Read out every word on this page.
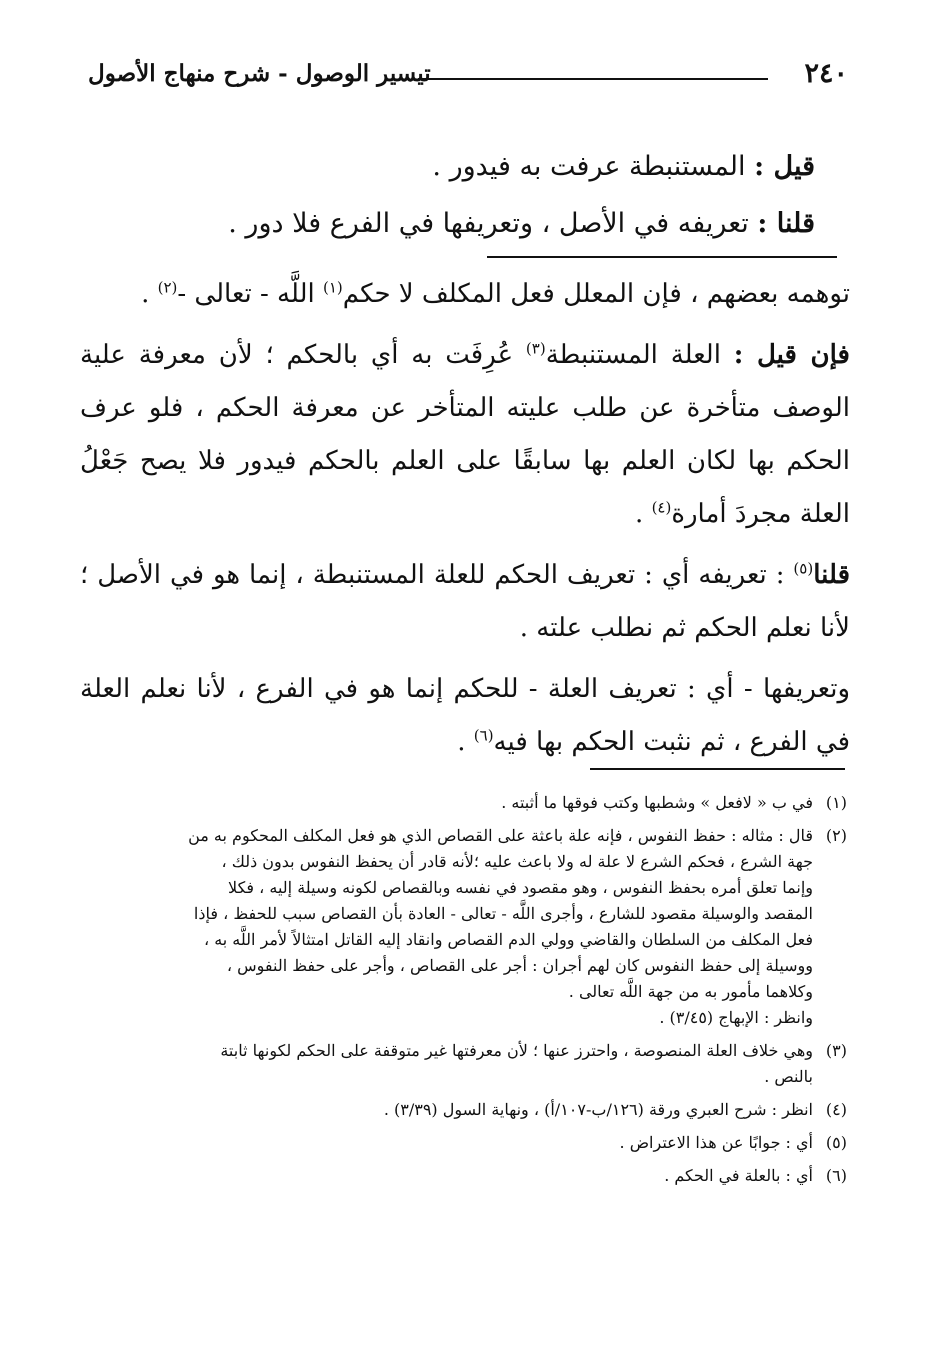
٢٤٠
تيسير الوصول - شرح منهاج الأصول
قيل : المستنبطة عرفت به فيدور .
قلنا : تعريفه في الأصل ، وتعريفها في الفرع فلا دور .

توهمه بعضهم ، فإن المعلل فعل المكلف لا حكم$^{(١)}$ اللَّه - تعالى -$^{(٢)}$ .

فإن قيل : العلة المستنبطة$^{(٣)}$ عُرِفَت به أي بالحكم ؛ لأن معرفة علية الوصف متأخرة عن طلب عليته المتأخر عن معرفة الحكم ، فلو عرف الحكم بها لكان العلم بها سابقًا على العلم بالحكم فيدور فلا يصح جَعْلُ العلة مجردَ أمارة$^{(٤)}$ .

قلنا$^{(٥)}$ : تعريفه أي : تعريف الحكم للعلة المستنبطة ، إنما هو في الأصل ؛ لأنا نعلم الحكم ثم نطلب علته .

وتعريفها - أي : تعريف العلة - للحكم إنما هو في الفرع ، لأنا نعلم العلة في الفرع ، ثم نثبت الحكم بها فيه$^{(٦)}$ .

(١)في ب « لافعل » وشطبها وكتب فوقها ما أثبته .
(٢)قال : مثاله : حفظ النفوس ، فإنه علة باعثة على القصاص الذي هو فعل المكلف المحكوم به من
جهة الشرع ، فحكم الشرع لا علة له ولا باعث عليه ؛لأنه قادر أن يحفظ النفوس بدون ذلك ،
وإنما تعلق أمره بحفظ النفوس ، وهو مقصود في نفسه وبالقصاص لكونه وسيلة إليه ، فكلا
المقصد والوسيلة مقصود للشارع ، وأجرى اللَّه - تعالى - العادة بأن القصاص سبب للحفظ ، فإذا
فعل المكلف من السلطان والقاضي وولي الدم القصاص وانقاد إليه القاتل امتثالاً لأمر اللَّه به ،
ووسيلة إلى حفظ النفوس كان لهم أجران : أجر على القصاص ، وأجر على حفظ النفوس ،
وكلاهما مأمور به من جهة اللَّه تعالى .
وانظر : الإبهاج (٣/٤٥) .
(٣)وهي خلاف العلة المنصوصة ، واحترز عنها ؛ لأن معرفتها غير متوقفة على الحكم لكونها ثابتة
بالنص .
(٤)انظر : شرح العبري ورقة (١٢٦/ب-١٠٧/أ) ، ونهاية السول (٣/٣٩) .
(٥)أي : جوابًا عن هذا الاعتراض .
(٦)أي : بالعلة في الحكم .
